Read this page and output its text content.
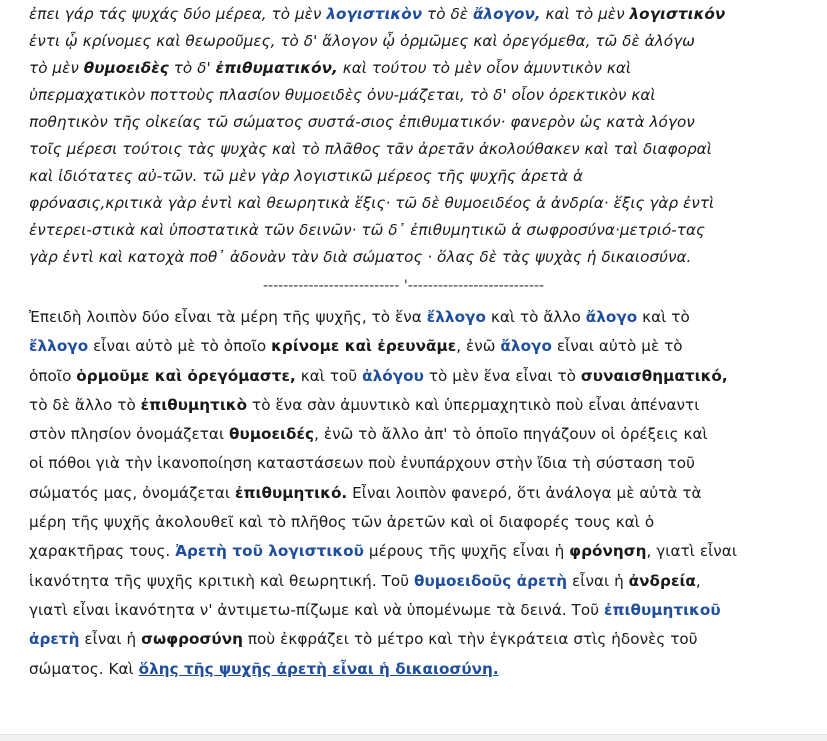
ἐπει γάρ τάς ψυχάς δύο μέρεα, τὸ μὲν λογιστικὸν τὸ δὲ ἄλογον, καὶ τὸ μὲν λογιστικόν
ἐντι ᾧ κρίνομες καὶ θεωροῦμες, τὸ δ' ἄλογον ᾧ ὁρμῶμες καὶ ὀρεγόμεθα, τῶ δὲ ἀλόγω
τὸ μὲν θυμοειδὲς τὸ δ' ἐπιθυματικόν, καὶ τούτου τὸ μὲν οἷον ἀμυντικὸν καὶ
ὑπερμαχατικὸν ποττοὺς πλασίον θυμοειδὲς ὀνυ-μάζεται, τὸ δ' οἷον ὀρεκτικὸν καὶ
ποθητικὸν τῆς οἰκείας τῶ σώματος συστά-σιος ἐπιθυματικόν· φανερὸν ὡς κατὰ λόγον
τοῖς μέρεσι τούτοις τὰς ψυχὰς καὶ τὸ πλᾶθος τᾶν ἀρετᾶν ἀκολούθακεν καὶ ταὶ διαφοραὶ
καὶ ἰδιότατες αὐ-τῶν. τῶ μὲν γὰρ λογιστικῶ μέρεος τῆς ψυχῆς ἀρετὰ ἁ
φρόνασις,κριτικὰ γὰρ ἐντὶ καὶ θεωρητικὰ ἕξις· τῶ δὲ θυμοειδέος ἁ ἀνδρία· ἕξις γὰρ ἐντὶ
ἐντερει-στικὰ καὶ ὑποστατικὰ τῶν δεινῶν· τῶ δ᾽ ἐπιθυμητικῶ ἁ σωφροσύνα·μετριό-τας
γὰρ ἐντὶ καὶ κατοχὰ ποθ᾽ ἁδονὰν τὰν διὰ σώματος · ὅλας δὲ τὰς ψυχὰς ἡ δικαιοσύνα.
--------------------------- '---------------------------
Ἐπειδὴ λοιπὸν δύο εἶναι τὰ μέρη τῆς ψυχῆς, τὸ ἕνα ἔλλογο καὶ τὸ ἄλλο ἄλογο καὶ τὸ
ἔλλογο εἶναι αὐτὸ μὲ τὸ ὁποῖο κρίνομε καὶ ἐρευνᾶμε, ἐνῶ ἄλογο εἶναι αὐτὸ μὲ τὸ
ὁποῖο ὁρμοῦμε καὶ ὀρεγόμαστε, καὶ τοῦ ἀλόγου τὸ μὲν ἕνα εἶναι τὸ συναισθηματικό,
τὸ δὲ ἄλλο τὸ ἐπιθυμητικὸ τὸ ἕνα σὰν ἀμυντικὸ καὶ ὑπερμαχητικὸ ποὺ εἶναι ἀπέναντι
στὸν πλησίον ὀνομάζεται θυμοειδές, ἐνῶ τὸ ἄλλο ἀπ' τὸ ὁποῖο πηγάζουν οἱ ὀρέξεις καὶ
οἱ πόθοι γιὰ τὴν ἱκανοποίηση καταστάσεων ποὺ ἐνυπάρχουν στὴν ἴδια τὴ σύσταση τοῦ
σώματός μας, ὀνομάζεται ἐπιθυμητικό. Εἶναι λοιπὸν φανερό, ὅτι ἀνάλογα μὲ αὐτὰ τὰ
μέρη τῆς ψυχῆς ἀκολουθεῖ καὶ τὸ πλῆθος τῶν ἀρετῶν καὶ οἱ διαφορές τους καὶ ὁ
χαρακτῆρας τους. Ἀρετὴ τοῦ λογιστικοῦ μέρους τῆς ψυχῆς εἶναι ἡ φρόνηση, γιατὶ εἶναι
ἱκανότητα τῆς ψυχῆς κριτικὴ καὶ θεωρητική. Τοῦ θυμοειδοῦς ἀρετὴ εἶναι ἡ ἀνδρεία,
γιατὶ εἶναι ἱκανότητα ν' ἀντιμετω-πίζωμε καὶ νὰ ὑπομένωμε τὰ δεινά. Τοῦ ἐπιθυμητικοῦ
ἀρετὴ εἶναι ἡ σωφροσύνη ποὺ ἐκφράζει τὸ μέτρο καὶ τὴν ἐγκράτεια στὶς ἡδονὲς τοῦ
σώματος. Καὶ ὅλης τῆς ψυχῆς ἀρετὴ εἶναι ἡ δικαιοσύνη.
